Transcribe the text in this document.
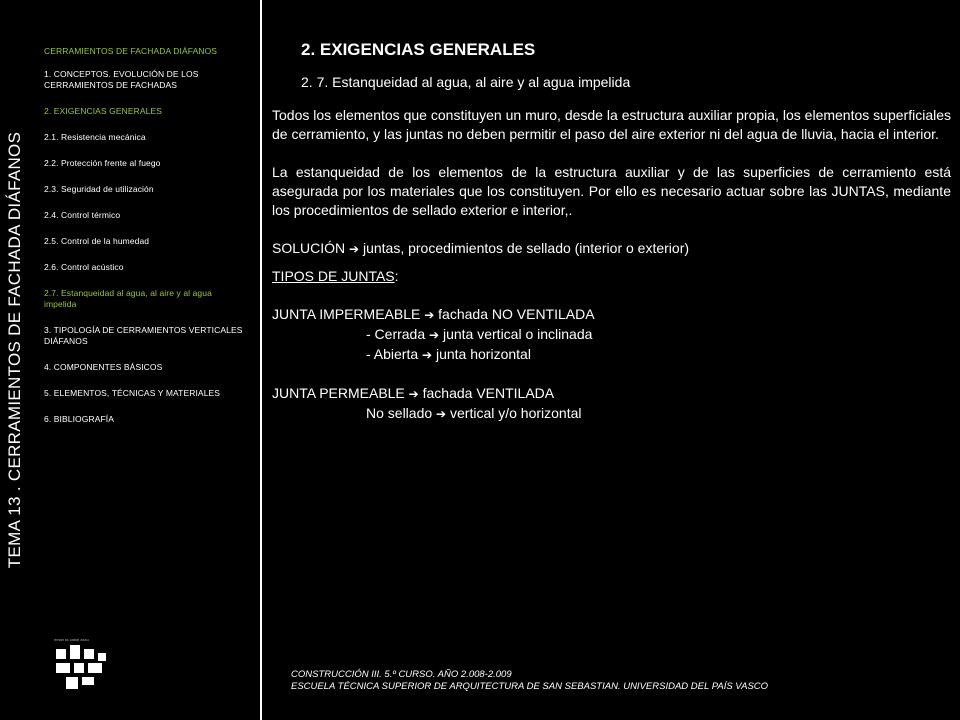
TEMA 13 . CERRAMIENTOS DE FACHADA DIÁFANOS
CERRAMIENTOS DE FACHADA DIÁFANOS
1. CONCEPTOS. EVOLUCIÓN DE LOS CERRAMIENTOS DE FACHADAS
2. EXIGENCIAS GENERALES
2.1. Resistencia mecánica
2.2. Protección frente al fuego
2.3. Seguridad de utilización
2.4. Control térmico
2.5. Control de la humedad
2.6. Control acústico
2.7. Estanqueidad al agua, al aire y al agua impelida
3. TIPOLOGÍA DE CERRAMIENTOS VERTICALES DIÁFANOS
4. COMPONENTES BÁSICOS
5. ELEMENTOS, TÉCNICAS Y MATERIALES
6. BIBLIOGRAFÍA
eman ta zabal zazu
2. EXIGENCIAS GENERALES
2. 7. Estanqueidad al agua, al aire y al agua impelida

Todos los elementos que constituyen un muro, desde la estructura auxiliar propia, los elementos superficiales de cerramiento, y las juntas no deben permitir el paso del aire exterior ni del agua de lluvia, hacia el interior.

La estanqueidad de los elementos de la estructura auxiliar y de las superficies de cerramiento está asegurada por los materiales que los constituyen. Por ello es necesario actuar sobre las JUNTAS, mediante los procedimientos de sellado exterior e interior,.

SOLUCIÓN ➔ juntas, procedimientos de sellado (interior o exterior)
TIPOS DE JUNTAS:
JUNTA IMPERMEABLE ➔ fachada NO VENTILADA
- Cerrada ➔ junta vertical o inclinada
- Abierta ➔ junta horizontal
JUNTA PERMEABLE ➔ fachada VENTILADA
No sellado ➔ vertical y/o horizontal
CONSTRUCCIÓN III. 5.º CURSO. AÑO 2.008-2.009
ESCUELA TÉCNICA SUPERIOR DE ARQUITECTURA DE SAN SEBASTIAN. UNIVERSIDAD DEL PAÍS VASCO
